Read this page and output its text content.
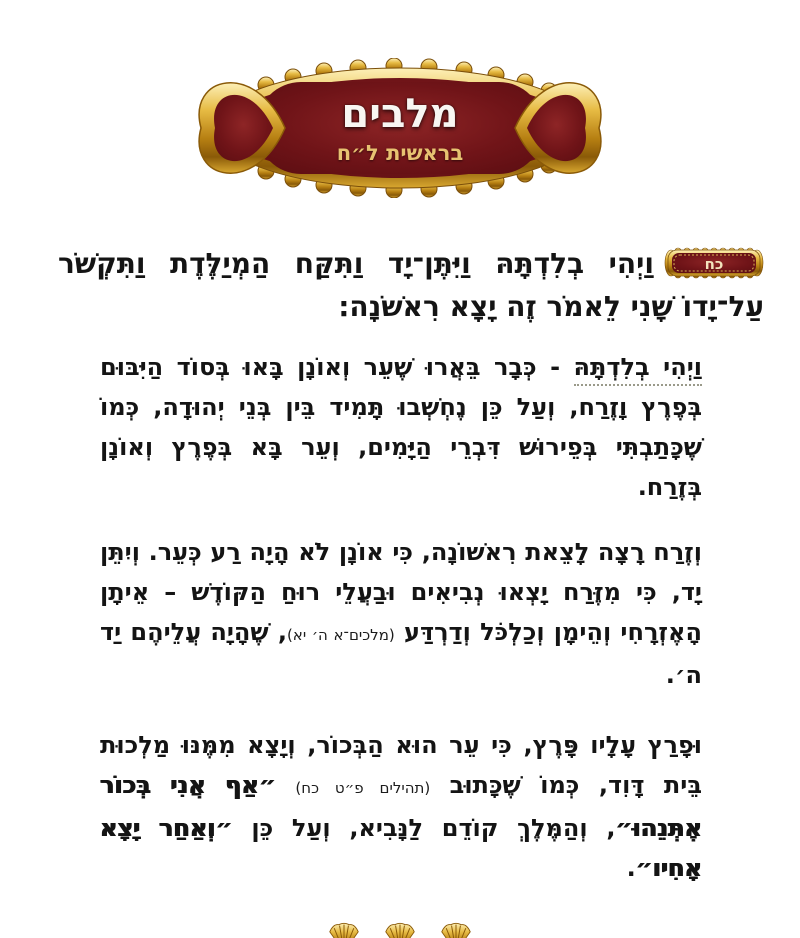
מלבים
בראשית ל״ח

כח
וַיְהִי בְלִדְתָּהּ וַיִּתֶּן־יָד וַתִּקַּח הַמְיַלֶּדֶת וַתִּקְשֹׁר עַל־יָדוֹ שָׁנִי לֵאמֹר זֶה יָצָא רִאשֹׁנָה:

וַיְהִי בְלִדְתָּהּ - כְּבָר בֵּאֲרוּ שֶׁעֵר וְאוֹנָן בָּאוּ בְּסוֹד הַיִּבּוּם בְּפֶרֶץ וָזֶרַח, וְעַל כֵּן נֶחְשְׁבוּ תָּמִיד בֵּין בְּנֵי יְהוּדָה, כְּמוֹ שֶׁכָּתַבְתִּי בְּפֵירוּשׁ דִּבְרֵי הַיָּמִים, וְעֵר בָּא בְּפֶרֶץ וְאוֹנָן בְּזֶרַח.

וְזֶרַח רָצָה לָצֵאת רִאשׁוֹנָה, כִּי אוֹנָן לֹא הָיָה רַע כְּעֵר. וְיִתֵּן יָד, כִּי מִזֶּרַח יָצְאוּ נְבִיאִים וּבַעֲלֵי רוּחַ הַקּוֹדֶשׁ – אֵיתָן הָאֶזְרָחִי וְהֵימָן וְכַלְכֹּל וְדַרְדַּע (מלכים־א ה׳ יא), שֶׁהָיָה עֲלֵיהֶם יַד ה׳.

וּפָרַץ עָלָיו פָּרֶץ, כִּי עֵר הוּא הַבְּכוֹר, וְיָצָא מִמֶּנּוּ מַלְכוּת בֵּית דָּוִד, כְּמוֹ שֶׁכָּתוּב (תהילים פ״ט כח) ״אַף אֲנִי בְּכוֹר אֶתְּנֵהוּ״, וְהַמֶּלֶךְ קוֹדֵם לַנָּבִיא, וְעַל כֵּן ״וְאַחַר יָצָא אָחִיו״.
